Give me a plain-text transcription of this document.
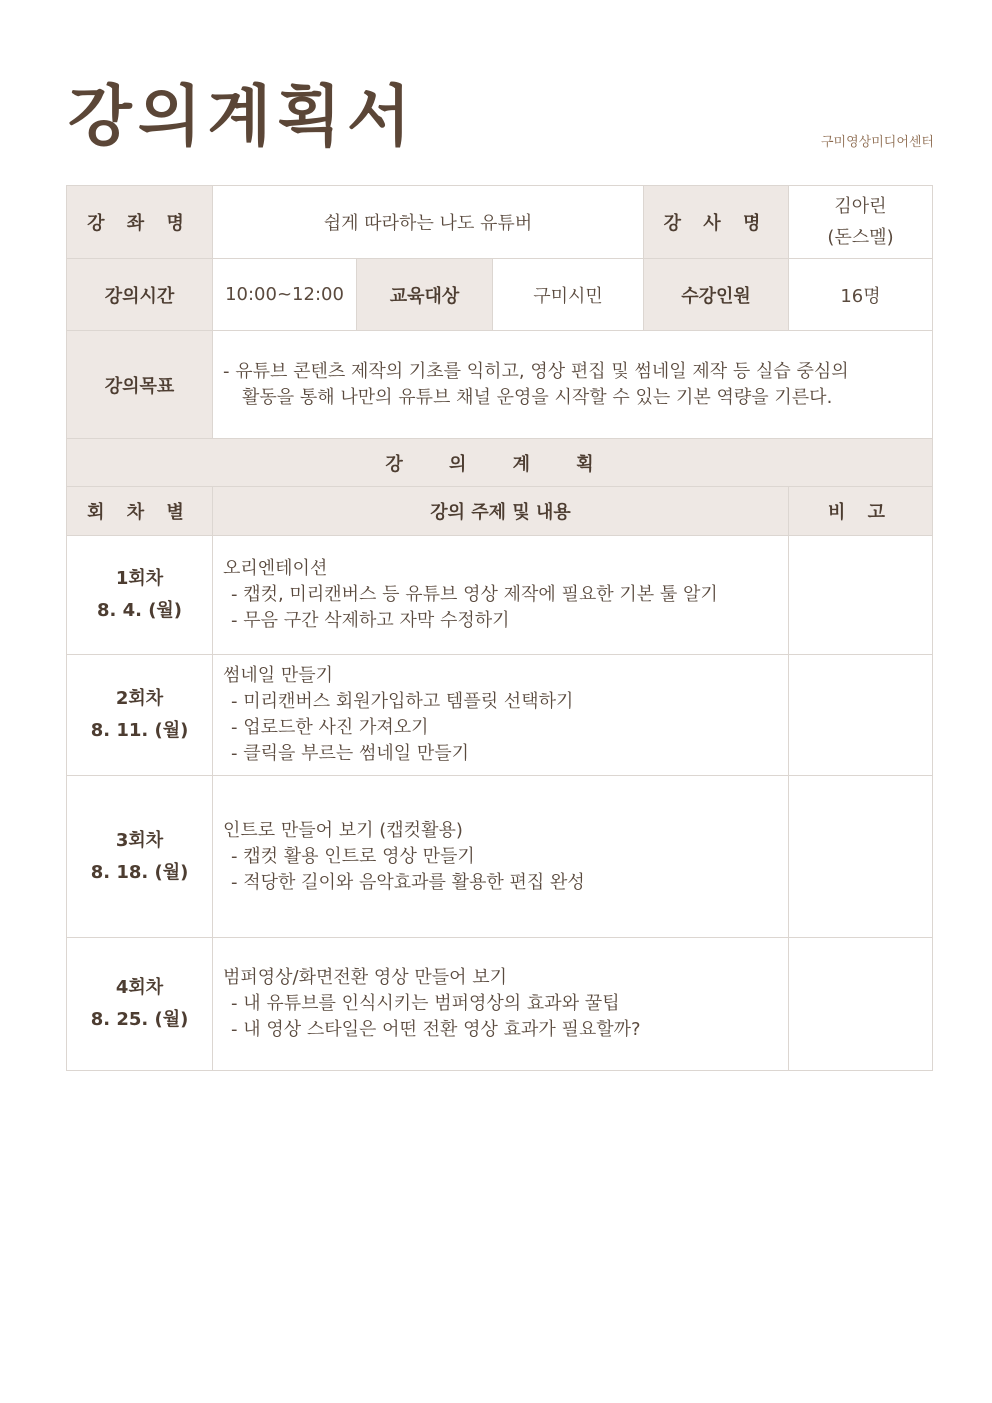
강의계획서	구미영상미디어센터
강 좌 명	쉽게 따라하는 나도 유튜버			강 사 명	김아린
(돈스멜)

강의시간	10:00~12:00	교육대상	구미시민	수강인원	16명
강의목표	- 유튜브 콘텐츠 제작의 기초를 익히고, 영상 편집 및 썸네일 제작 등 실습 중심의
활동을 통해 나만의 유튜브 채널 운영을 시작할 수 있는 기본 역량을 기른다.				

강 의 계 획					
회 차 별	강의 주제 및 내용				비 고

1회차
8. 4. (월)	오리엔테이션
- 캡컷, 미리캔버스 등 유튜브 영상 제작에 필요한 기본 툴 알기
- 무음 구간 삭제하고 자막 수정하기				

2회차
8. 11. (월)	썸네일 만들기
- 미리캔버스 회원가입하고 템플릿 선택하기
- 업로드한 사진 가져오기
- 클릭을 부르는 썸네일 만들기				

3회차
8. 18. (월)	인트로 만들어 보기 (캡컷활용)
- 캡컷 활용 인트로 영상 만들기
- 적당한 길이와 음악효과를 활용한 편집 완성				

4회차
8. 25. (월)	범퍼영상/화면전환 영상 만들어 보기
- 내 유튜브를 인식시키는 범퍼영상의 효과와 꿀팁
- 내 영상 스타일은 어떤 전환 영상 효과가 필요할까?				
